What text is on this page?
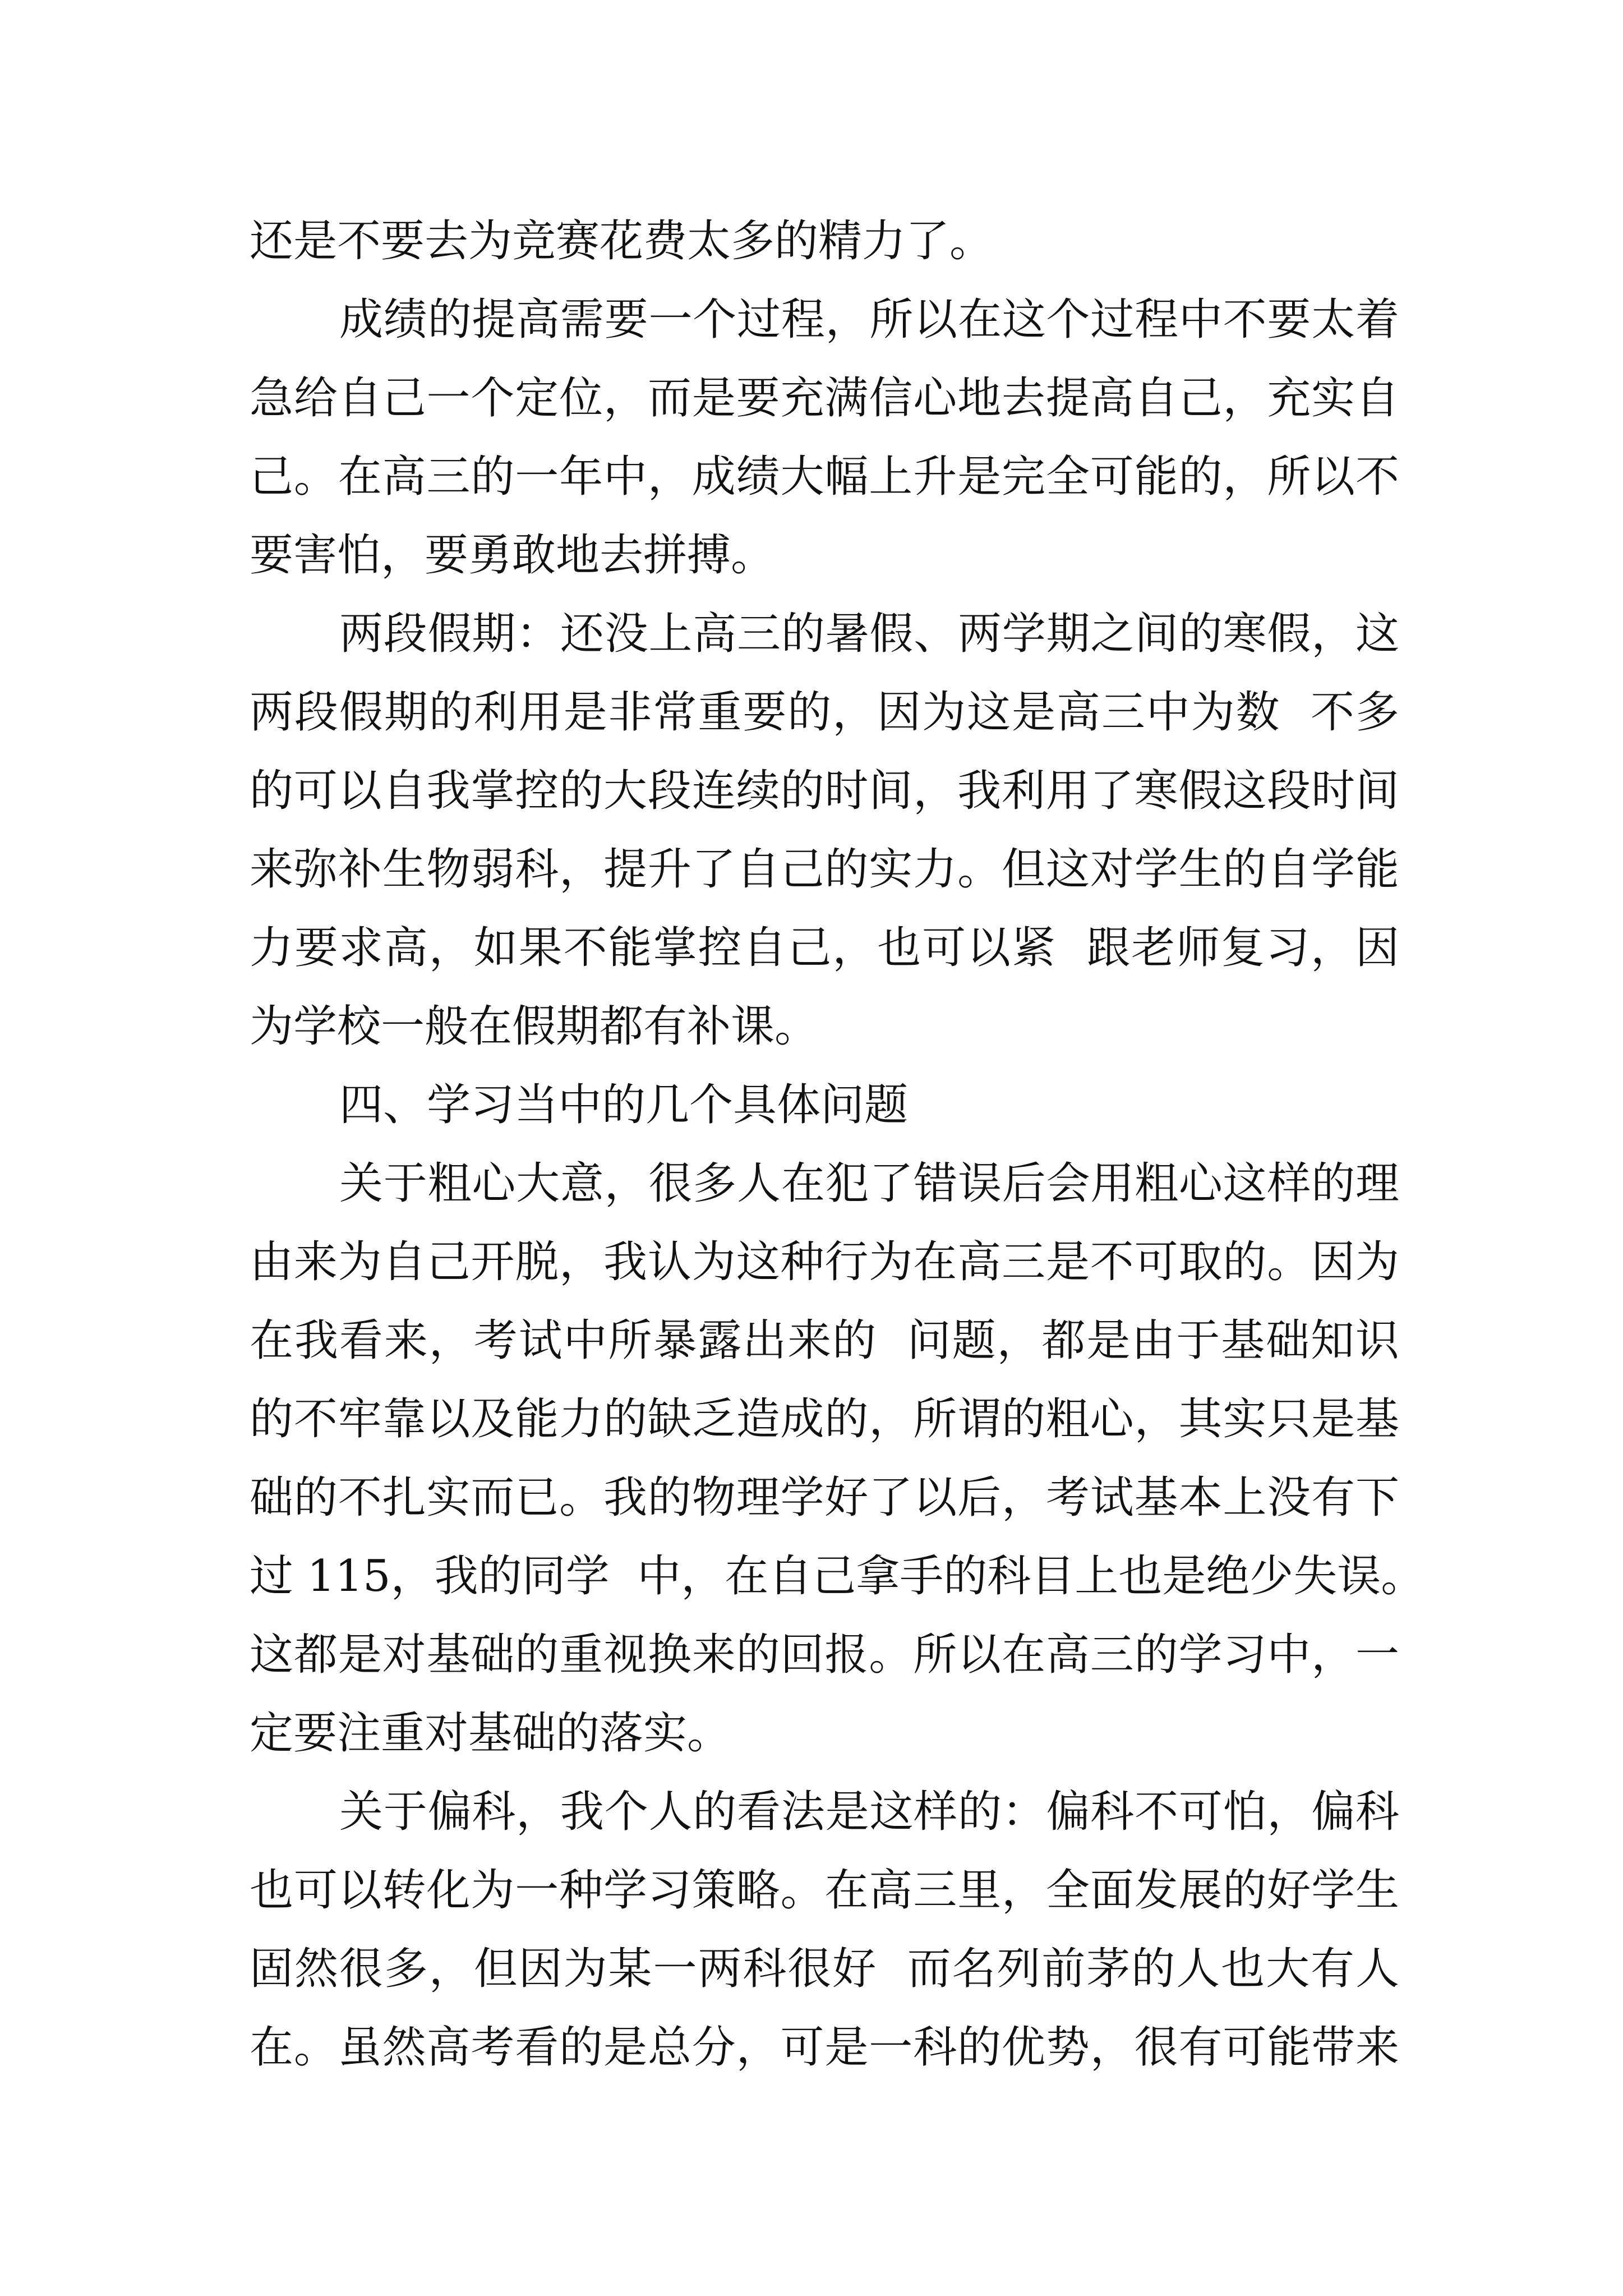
还是不要去为竞赛花费太多的精力了。
成绩的提高需要一个过程，所以在这个过程中不要太着
急给自己一个定位，而是要充满信心地去提高自己，充实自
己。在高三的一年中，成绩大幅上升是完全可能的，所以不
要害怕，要勇敢地去拼搏。
两段假期：还没上高三的暑假、两学期之间的寒假，这
两段假期的利用是非常重要的，因为这是高三中为数  不多
的可以自我掌控的大段连续的时间，我利用了寒假这段时间
来弥补生物弱科，提升了自己的实力。但这对学生的自学能
力要求高，如果不能掌控自己，也可以紧  跟老师复习，因
为学校一般在假期都有补课。
四、学习当中的几个具体问题
关于粗心大意，很多人在犯了错误后会用粗心这样的理
由来为自己开脱，我认为这种行为在高三是不可取的。因为
在我看来，考试中所暴露出来的  问题，都是由于基础知识
的不牢靠以及能力的缺乏造成的，所谓的粗心，其实只是基
础的不扎实而已。我的物理学好了以后，考试基本上没有下
过 115，我的同学  中，在自己拿手的科目上也是绝少失误。
这都是对基础的重视换来的回报。所以在高三的学习中，一
定要注重对基础的落实。
关于偏科，我个人的看法是这样的：偏科不可怕，偏科
也可以转化为一种学习策略。在高三里，全面发展的好学生
固然很多，但因为某一两科很好  而名列前茅的人也大有人
在。虽然高考看的是总分，可是一科的优势，很有可能带来
